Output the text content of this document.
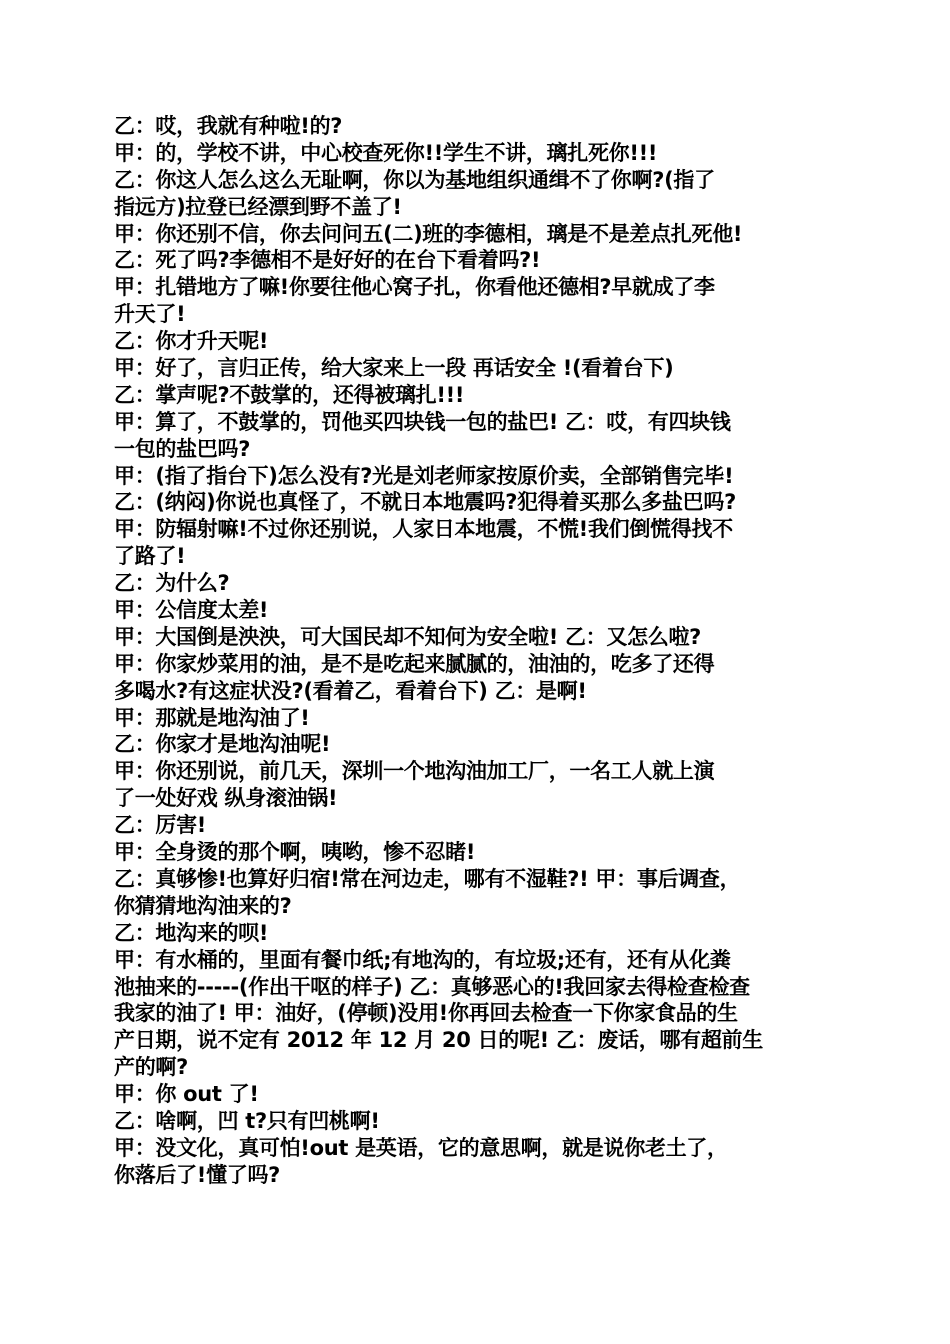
乙：哎，我就有种啦!的?
甲：的，学校不讲，中心校查死你!!学生不讲，璃扎死你!!!
乙：你这人怎么这么无耻啊，你以为基地组织通缉不了你啊?(指了
指远方)拉登已经漂到野不盖了!
甲：你还别不信，你去问问五(二)班的李德相，璃是不是差点扎死他!
乙：死了吗?李德相不是好好的在台下看着吗?!
甲：扎错地方了嘛!你要往他心窝子扎，你看他还德相?早就成了李
升天了!
乙：你才升天呢!
甲：好了，言归正传，给大家来上一段 再话安全 !(看着台下)
乙：掌声呢?不鼓掌的，还得被璃扎!!!
甲：算了，不鼓掌的，罚他买四块钱一包的盐巴! 乙：哎，有四块钱
一包的盐巴吗?
甲：(指了指台下)怎么没有?光是刘老师家按原价卖，全部销售完毕!
乙：(纳闷)你说也真怪了，不就日本地震吗?犯得着买那么多盐巴吗?
甲：防辐射嘛!不过你还别说，人家日本地震，不慌!我们倒慌得找不
了路了!
乙：为什么?
甲：公信度太差!
甲：大国倒是泱泱，可大国民却不知何为安全啦! 乙：又怎么啦?
甲：你家炒菜用的油，是不是吃起来腻腻的，油油的，吃多了还得
多喝水?有这症状没?(看着乙，看着台下) 乙：是啊!
甲：那就是地沟油了!
乙：你家才是地沟油呢!
甲：你还别说，前几天，深圳一个地沟油加工厂，一名工人就上演
了一处好戏 纵身滚油锅!
乙：厉害!
甲：全身烫的那个啊，咦哟，惨不忍睹!
乙：真够惨!也算好归宿!常在河边走，哪有不湿鞋?! 甲：事后调查，
你猜猜地沟油来的?
乙：地沟来的呗!
甲：有水桶的，里面有餐巾纸;有地沟的，有垃圾;还有，还有从化粪
池抽来的-----(作出干呕的样子) 乙：真够恶心的!我回家去得检查检查
我家的油了! 甲：油好，(停顿)没用!你再回去检查一下你家食品的生
产日期，说不定有 2012 年 12 月 20 日的呢! 乙：废话，哪有超前生
产的啊?
甲：你 out 了!
乙：啥啊，凹 t?只有凹桃啊!
甲：没文化，真可怕!out 是英语，它的意思啊，就是说你老土了，
你落后了!懂了吗?
